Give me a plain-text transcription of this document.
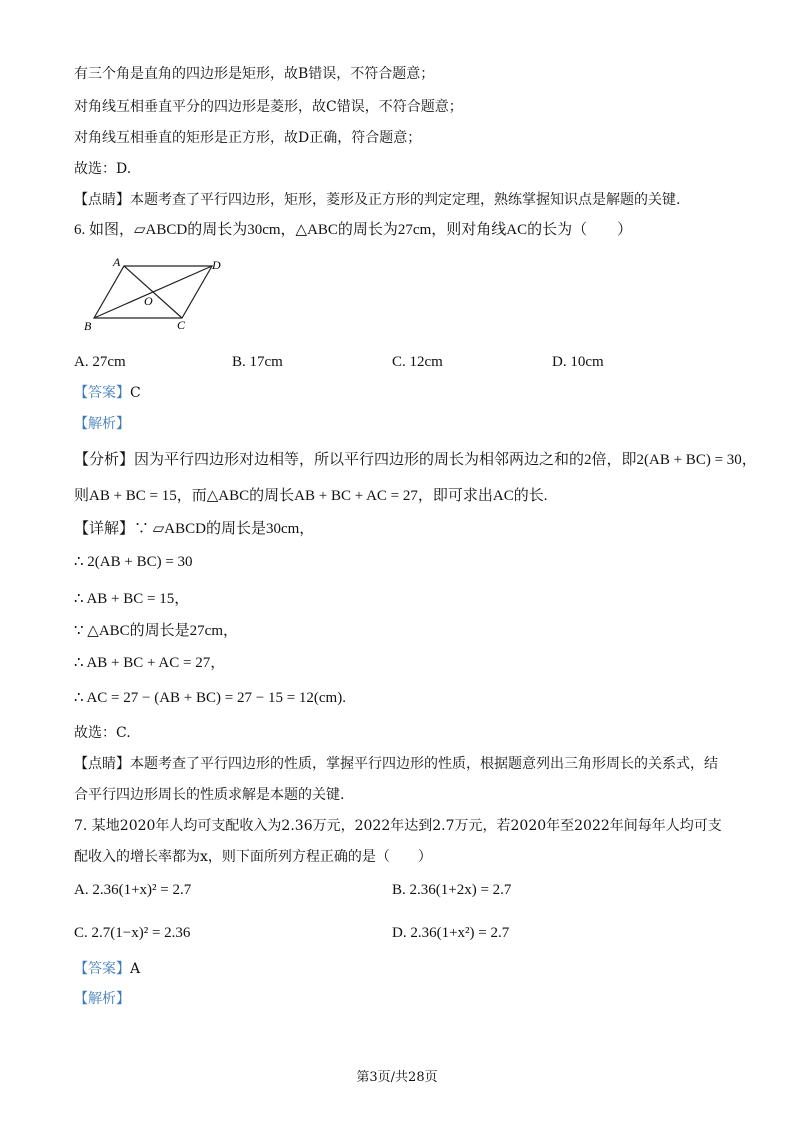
有三个角是直角的四边形是矩形，故B错误，不符合题意；
对角线互相垂直平分的四边形是菱形，故C错误，不符合题意；
对角线互相垂直的矩形是正方形，故D正确，符合题意；
故选：D.
【点睛】本题考查了平行四边形，矩形，菱形及正方形的判定定理，熟练掌握知识点是解题的关键.
6. 如图，▱ABCD的周长为30cm，△ABC的周长为27cm，则对角线AC的长为（　　）
A	D
B	C
O
A. 27cm	B. 17cm	C. 12cm	D. 10cm
【答案】C
【解析】
【分析】因为平行四边形对边相等，所以平行四边形的周长为相邻两边之和的2倍，即2(AB + BC) = 30，
则AB + BC = 15，而△ABC的周长AB + BC + AC = 27，即可求出AC的长.
【详解】∵ ▱ABCD的周长是30cm，
∴ 2(AB + BC) = 30
∴ AB + BC = 15，
∵ △ABC的周长是27cm，
∴ AB + BC + AC = 27，
∴ AC = 27 − (AB + BC) = 27 − 15 = 12(cm).
故选：C.
【点睛】本题考查了平行四边形的性质，掌握平行四边形的性质，根据题意列出三角形周长的关系式，结
合平行四边形周长的性质求解是本题的关键.
7. 某地2020年人均可支配收入为2.36万元，2022年达到2.7万元，若2020年至2022年间每年人均可支
配收入的增长率都为x，则下面所列方程正确的是（　　）
A. 2.36(1+x)² = 2.7	B. 2.36(1+2x) = 2.7
C. 2.7(1−x)² = 2.36	D. 2.36(1+x²) = 2.7
【答案】A
【解析】
第3页/共28页
